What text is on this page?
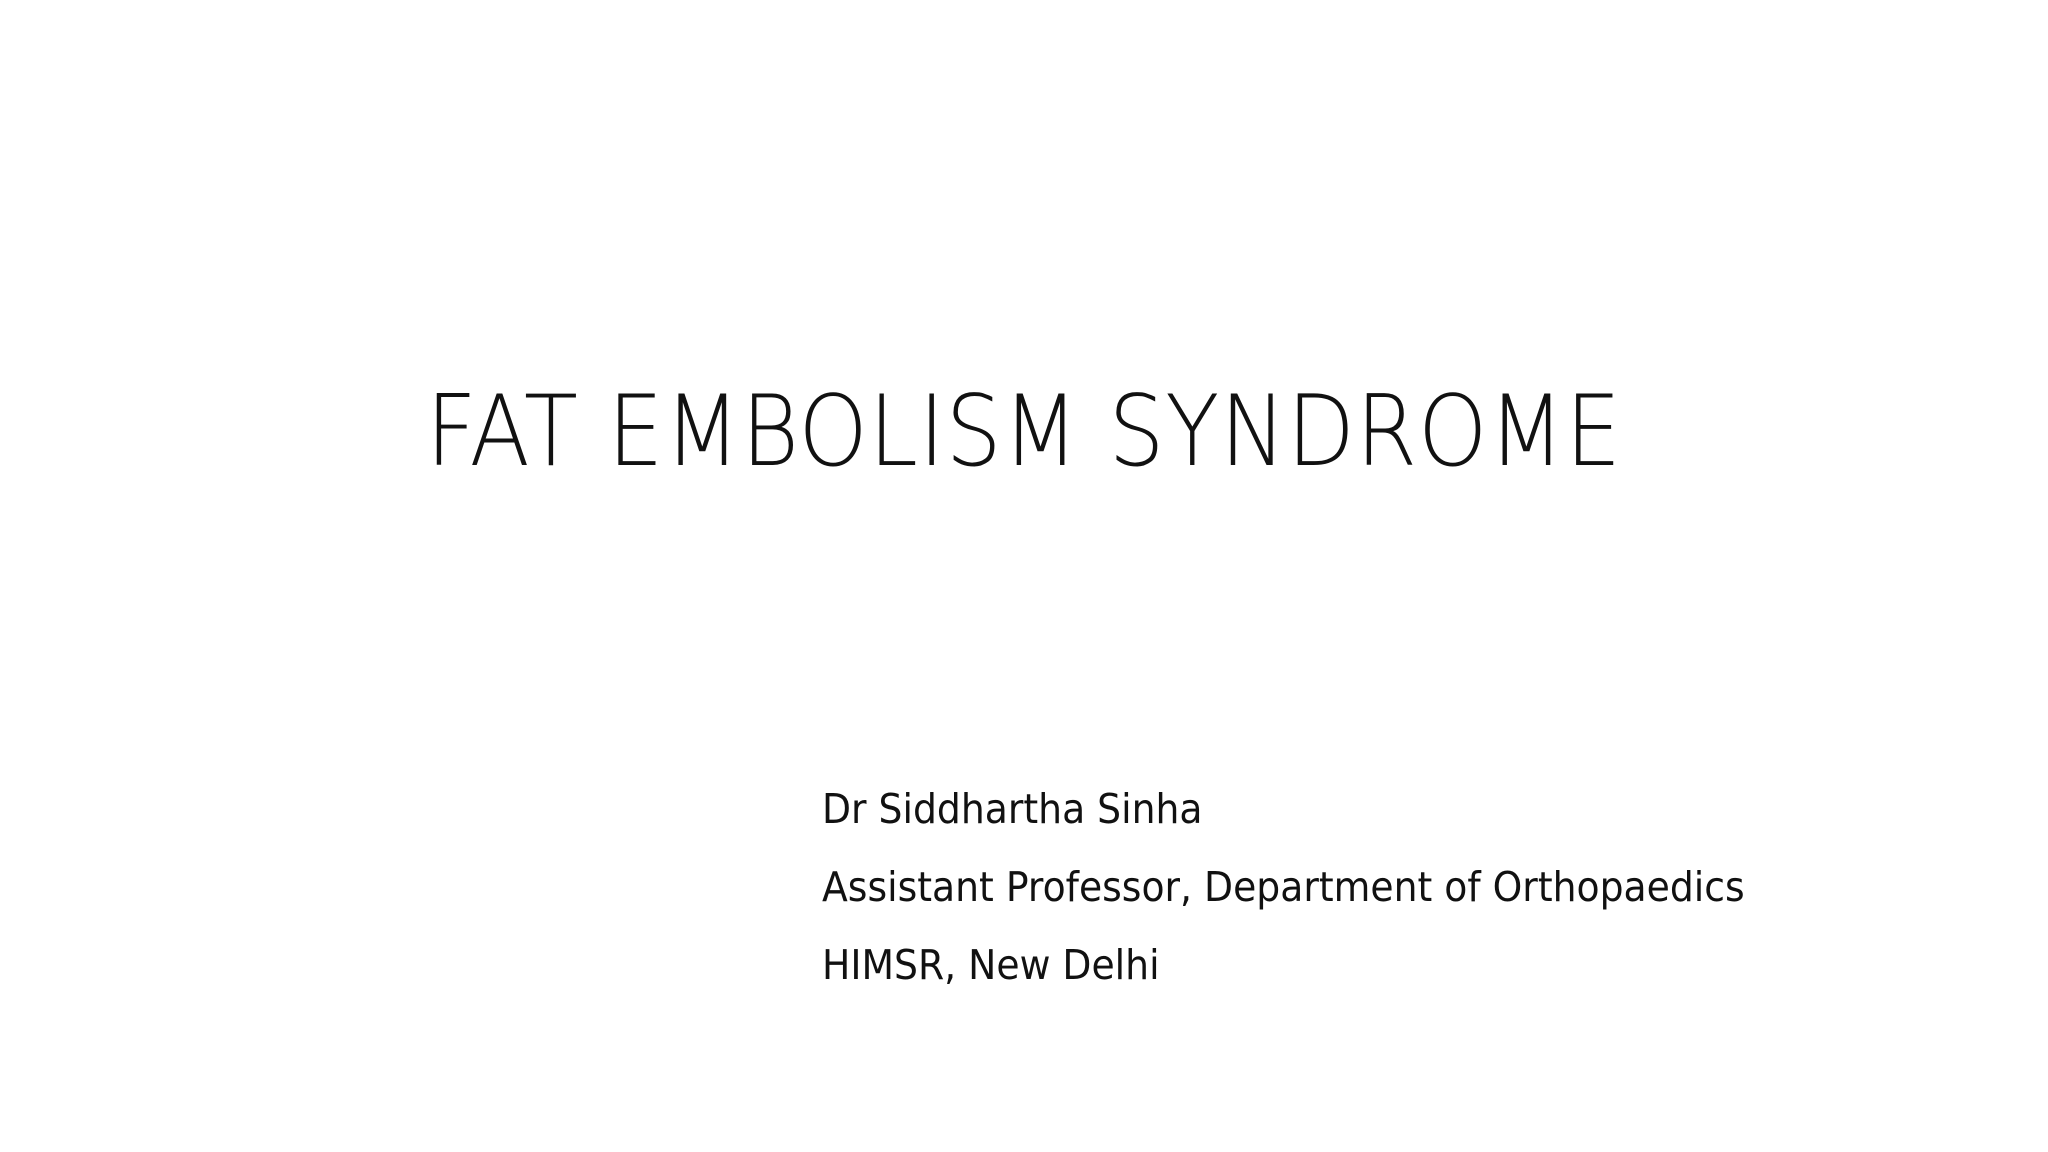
FAT EMBOLISM SYNDROME
Dr Siddhartha Sinha
Assistant Professor, Department of Orthopaedics
HIMSR, New Delhi
